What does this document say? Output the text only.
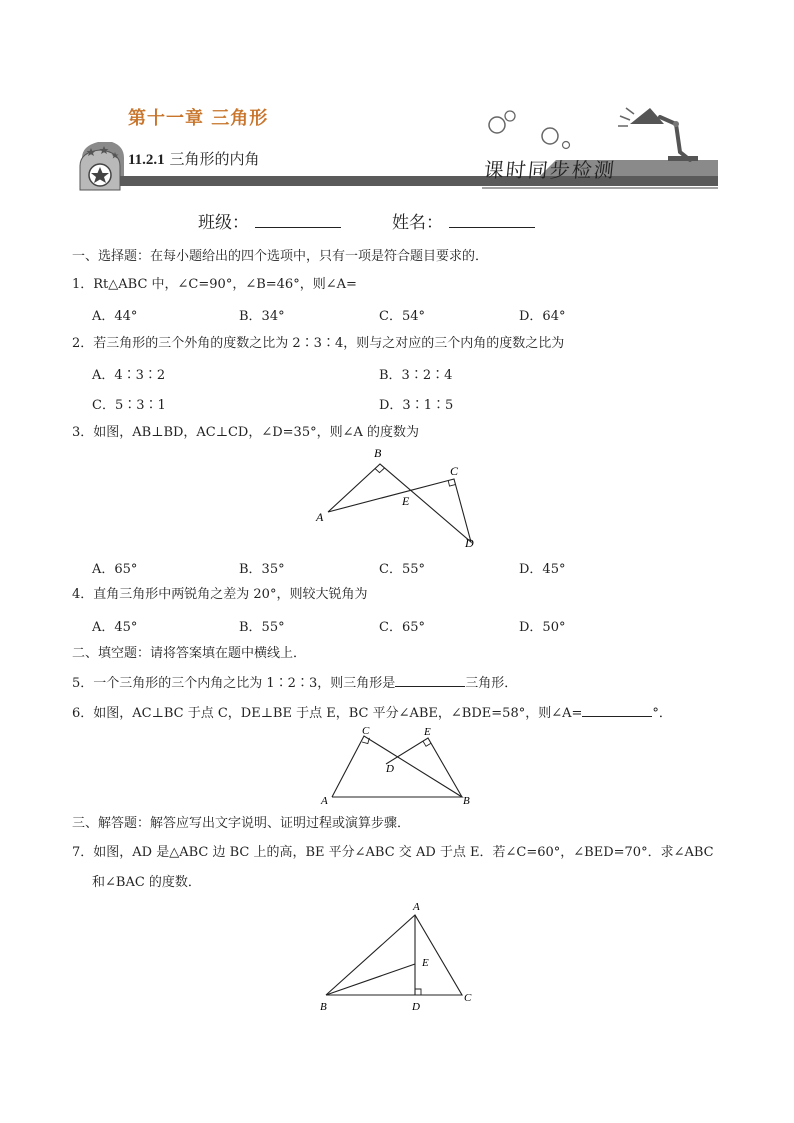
第十一章 三角形
11.2.1 三角形的内角	课时同步检测
班级：	姓名：
一、选择题：在每小题给出的四个选项中，只有一项是符合题目要求的．
1．Rt△ABC 中，∠C=90°，∠B=46°，则∠A=
A．44°	B．34°	C．54°	D．64°
2．若三角形的三个外角的度数之比为 2∶3∶4，则与之对应的三个内角的度数之比为
A．4∶3∶2	B．3∶2∶4
C．5∶3∶1	D．3∶1∶5
3．如图，AB⊥BD，AC⊥CD，∠D=35°，则∠A 的度数为
A
B
C
D
E
A．65°	B．35°	C．55°	D．45°
4．直角三角形中两锐角之差为 20°，则较大锐角为
A．45°	B．55°	C．65°	D．50°
二、填空题：请将答案填在题中横线上．
5．一个三角形的三个内角之比为 1∶2∶3，则三角形是	三角形．
6．如图，AC⊥BC 于点 C，DE⊥BE 于点 E，BC 平分∠ABE，∠BDE=58°，则∠A=	°．
A	B
C
D
E
三、解答题：解答应写出文字说明、证明过程或演算步骤．
7．如图，AD 是△ABC 边 BC 上的高，BE 平分∠ABC 交 AD 于点 E．若∠C=60°，∠BED=70°．求∠ABC
和∠BAC 的度数．
A
B
C
D
E
